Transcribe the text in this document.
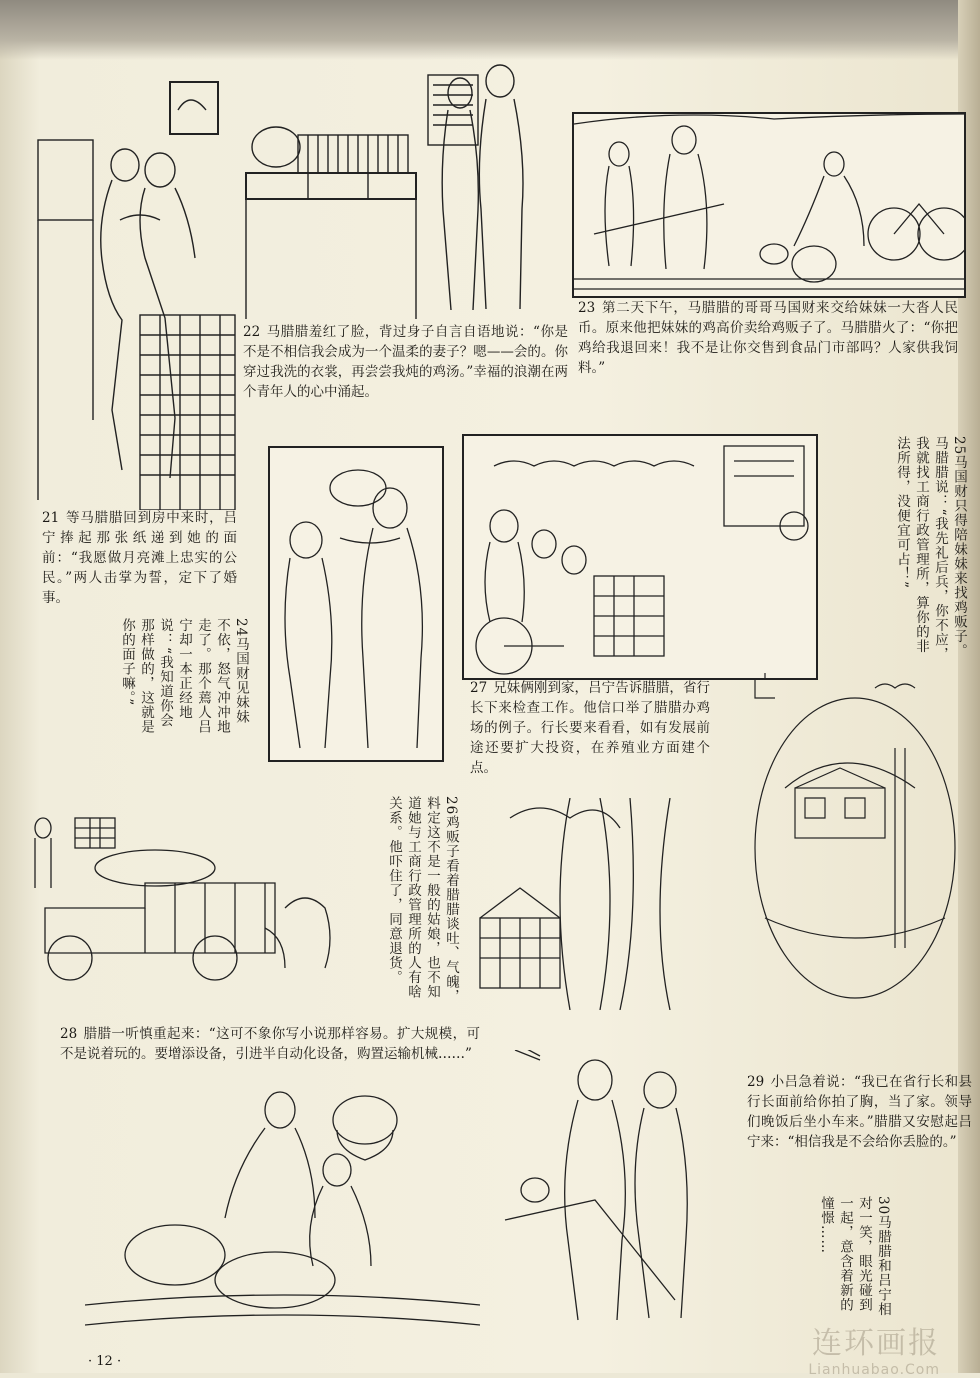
21 等马腊腊回到房中来时，吕宁捧起那张纸递到她的面前：“我愿做月亮滩上忠实的公民。”两人击掌为誓，定下了婚事。
22 马腊腊羞红了脸，背过身子自言自语地说：“你是不是不相信我会成为一个温柔的妻子？嗯——会的。你穿过我洗的衣裳，再尝尝我炖的鸡汤。”幸福的浪潮在两个青年人的心中涌起。
23 第二天下午，马腊腊的哥哥马国财来交给妹妹一大沓人民币。原来他把妹妹的鸡高价卖给鸡贩子了。马腊腊火了：“你把鸡给我退回来！我不是让你交售到食品门市部吗？人家供我饲料。”
24马国财见妹妹不依，怒气冲冲地走了。那个蔫人吕宁却一本正经地说：“我知道你会那样做的，这就是你的面子嘛。”
25马国财只得陪妹妹来找鸡贩子。马腊腊说：“我先礼后兵，你不应，我就找工商行政管理所，算你的非法所得，没便宜可占！”
27 兄妹俩刚到家，吕宁告诉腊腊，省行长下来检查工作。他信口举了腊腊办鸡场的例子。行长要来看看，如有发展前途还要扩大投资，在养殖业方面建个点。
26鸡贩子看着腊腊谈吐、气魄，料定这不是一般的姑娘，也不知道她与工商行政管理所的人有啥关系。他吓住了，同意退货。
28 腊腊一听慎重起来：“这可不象你写小说那样容易。扩大规模，可不是说着玩的。要增添设备，引进半自动化设备，购置运输机械……”
29 小吕急着说：“我已在省行长和县行长面前给你拍了胸，当了家。领导们晚饭后坐小车来。”腊腊又安慰起吕宁来：“相信我是不会给你丢脸的。”
30马腊腊和吕宁相对一笑，眼光碰到一起，意含着新的憧憬……
· 12 ·
连环画报
Lianhuabao.Com
